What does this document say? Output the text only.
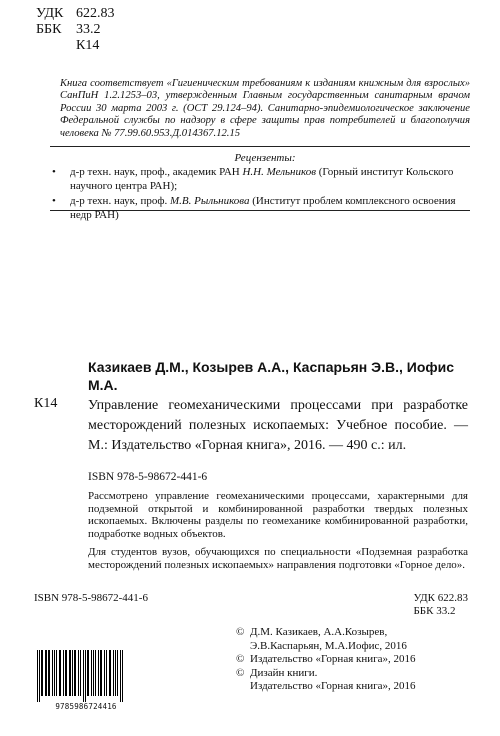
УДК 622.83
ББК 33.2
К14
Книга соответствует «Гигиеническим требованиям к изданиям книжным для взрослых» СанПиН 1.2.1253–03, утвержденным Главным государственным санитарным врачом России 30 марта 2003 г. (ОСТ 29.124–94). Санитарно-эпидемиологическое заключение Федеральной службы по надзору в сфере защиты прав потребителей и благополучия человека № 77.99.60.953.Д.014367.12.15
Рецензенты:
• д-р техн. наук, проф., академик РАН Н.Н. Мельников (Горный институт Кольского научного центра РАН);
• д-р техн. наук, проф. М.В. Рыльникова (Институт проблем комплексного освоения недр РАН)
Казикаев Д.М., Козырев А.А., Каспарьян Э.В., Иофис М.А.
К14 Управление геомеханическими процессами при разработке месторождений полезных ископаемых: Учебное пособие. — М.: Издательство «Горная книга», 2016. — 490 с.: ил.
ISBN 978-5-98672-441-6

Рассмотрено управление геомеханическими процессами, характерными для подземной открытой и комбинированной разработки твердых полезных ископаемых. Включены разделы по геомеханике комбинированной разработки, подработке водных объектов.

Для студентов вузов, обучающихся по специальности «Подземная разработка месторождений полезных ископаемых» направления подготовки «Горное дело».

ISBN 978-5-98672-441-6	УДК 622.83
ББК 33.2
9785986724416
© Д.М. Казикаев, А.А.Козырев,
Э.В.Каспарьян, М.А.Иофис, 2016
© Издательство «Горная книга», 2016
© Дизайн книги.
Издательство «Горная книга», 2016
